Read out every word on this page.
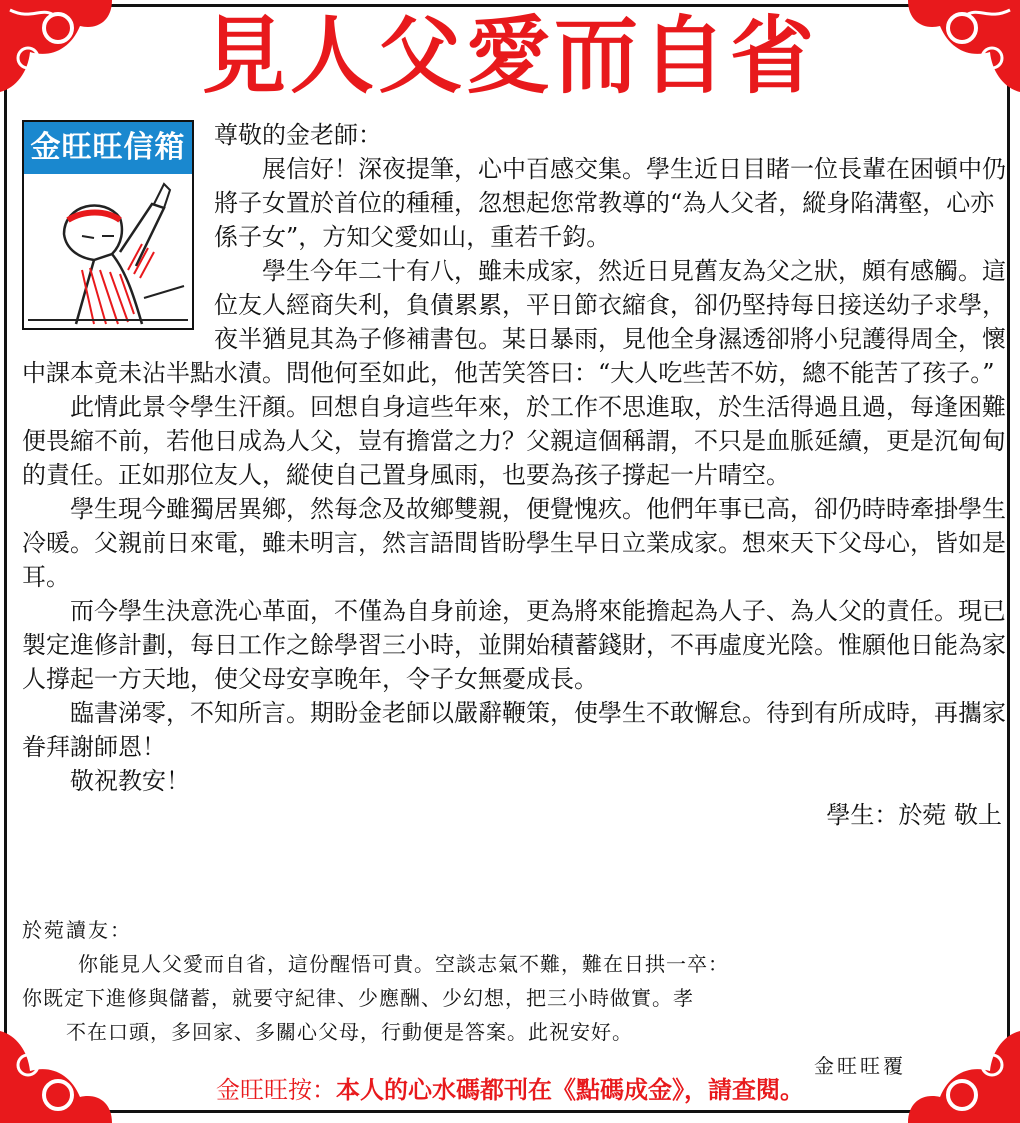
見人父愛而自省
金旺旺信箱	尊敬的金老師：

展信好！深夜提筆，心中百感交集。學生近日目睹一位長輩在困頓中仍將子女置於首位的種種，忽想起您常教導的“為人父者，縱身陷溝壑，心亦係子女”，方知父愛如山，重若千鈞。

學生今年二十有八，雖未成家，然近日見舊友為父之狀，頗有感觸。這位友人經商失利，負債累累，平日節衣縮食，卻仍堅持每日接送幼子求學，夜半猶見其為子修補書包。某日暴雨，見他全身濕透卻將小兒護得周全，懷中課本竟未沾半點水漬。問他何至如此，他苦笑答曰：“大人吃些苦不妨，總不能苦了孩子。”

此情此景令學生汗顏。回想自身這些年來，於工作不思進取，於生活得過且過，每逢困難便畏縮不前，若他日成為人父，豈有擔當之力？父親這個稱謂，不只是血脈延續，更是沉甸甸的責任。正如那位友人，縱使自己置身風雨，也要為孩子撐起一片晴空。

學生現今雖獨居異鄉，然每念及故鄉雙親，便覺愧疚。他們年事已高，卻仍時時牽掛學生冷暖。父親前日來電，雖未明言，然言語間皆盼學生早日立業成家。想來天下父母心，皆如是耳。

而今學生決意洗心革面，不僅為自身前途，更為將來能擔起為人子、為人父的責任。現已製定進修計劃，每日工作之餘學習三小時，並開始積蓄錢財，不再虛度光陰。惟願他日能為家人撐起一方天地，使父母安享晚年，令子女無憂成長。

臨書涕零，不知所言。期盼金老師以嚴辭鞭策，使學生不敢懈怠。待到有所成時，再攜家眷拜謝師恩！

敬祝教安！

學生：於菀 敬上

於菀讀友：

你能見人父愛而自省，這份醒悟可貴。空談志氣不難，難在日拱一卒：

你既定下進修與儲蓄，就要守紀律、少應酬、少幻想，把三小時做實。孝

不在口頭，多回家、多關心父母，行動便是答案。此祝安好。

金旺旺覆

金旺旺按：本人的心水碼都刊在《點碼成金》，請查閱。
